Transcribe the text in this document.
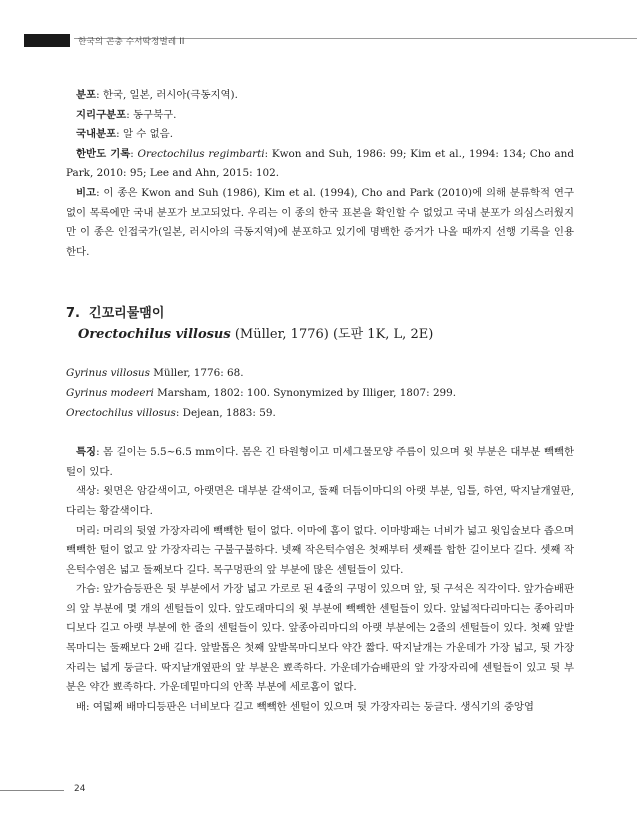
한국의 곤충 수서딱정벌레 II

분포: 한국, 일본, 러시아(극동지역).

지리구분포: 동구북구.

국내분포: 알 수 없음.

한반도 기록: Orectochilus regimbarti: Kwon and Suh, 1986: 99; Kim et al., 1994: 134; Cho and Park, 2010: 95; Lee and Ahn, 2015: 102.

비고: 이 종은 Kwon and Suh (1986), Kim et al. (1994), Cho and Park (2010)에 의해 분류학적 연구 없이 목록에만 국내 분포가 보고되었다. 우리는 이 종의 한국 표본을 확인할 수 없었고 국내 분포가 의심스러웠지만 이 종은 인접국가(일본, 러시아의 극동지역)에 분포하고 있기에 명백한 증거가 나올 때까지 선행 기록을 인용한다.

7. 긴꼬리물맴이

Orectochilus villosus (Müller, 1776) (도판 1K, L, 2E)

Gyrinus villosus Müller, 1776: 68.

Gyrinus modeeri Marsham, 1802: 100. Synonymized by Illiger, 1807: 299.

Orectochilus villosus: Dejean, 1883: 59.

특징: 몸 길이는 5.5~6.5 mm이다. 몸은 긴 타원형이고 미세그물모양 주름이 있으며 윗 부분은 대부분 빽빽한 털이 있다.

색상: 윗면은 암갈색이고, 아랫면은 대부분 갈색이고, 둘째 더듬이마디의 아랫 부분, 입틀, 하연, 딱지날개옆판, 다리는 황갈색이다.

머리: 머리의 뒷옆 가장자리에 빽빽한 털이 없다. 이마에 홈이 없다. 이마방패는 너비가 넓고 윗입술보다 좁으며 빽빽한 털이 없고 앞 가장자리는 구불구불하다. 넷째 작은턱수염은 첫째부터 셋째를 합한 길이보다 길다. 셋째 작은턱수염은 넓고 둘째보다 길다. 목구멍판의 앞 부분에 많은 센털들이 있다.

가슴: 앞가슴등판은 뒷 부분에서 가장 넓고 가로로 된 4줄의 구멍이 있으며 앞, 뒷 구석은 직각이다. 앞가슴배판의 앞 부분에 몇 개의 센털들이 있다. 앞도래마디의 윗 부분에 빽빽한 센털들이 있다. 앞넓적다리마디는 종아리마디보다 길고 아랫 부분에 한 줄의 센털들이 있다. 앞종아리마디의 아랫 부분에는 2줄의 센털들이 있다. 첫째 앞발목마디는 둘째보다 2배 길다. 앞발톱은 첫째 앞발목마디보다 약간 짧다. 딱지날개는 가운데가 가장 넓고, 뒷 가장자리는 넓게 둥글다. 딱지날개옆판의 앞 부분은 뾰족하다. 가운데가슴배판의 앞 가장자리에 센털들이 있고 뒷 부분은 약간 뾰족하다. 가운데밑마디의 안쪽 부분에 세로홈이 없다.

배: 여덟째 배마디등판은 너비보다 길고 빽빽한 센털이 있으며 뒷 가장자리는 둥글다. 생식기의 중앙엽

24
